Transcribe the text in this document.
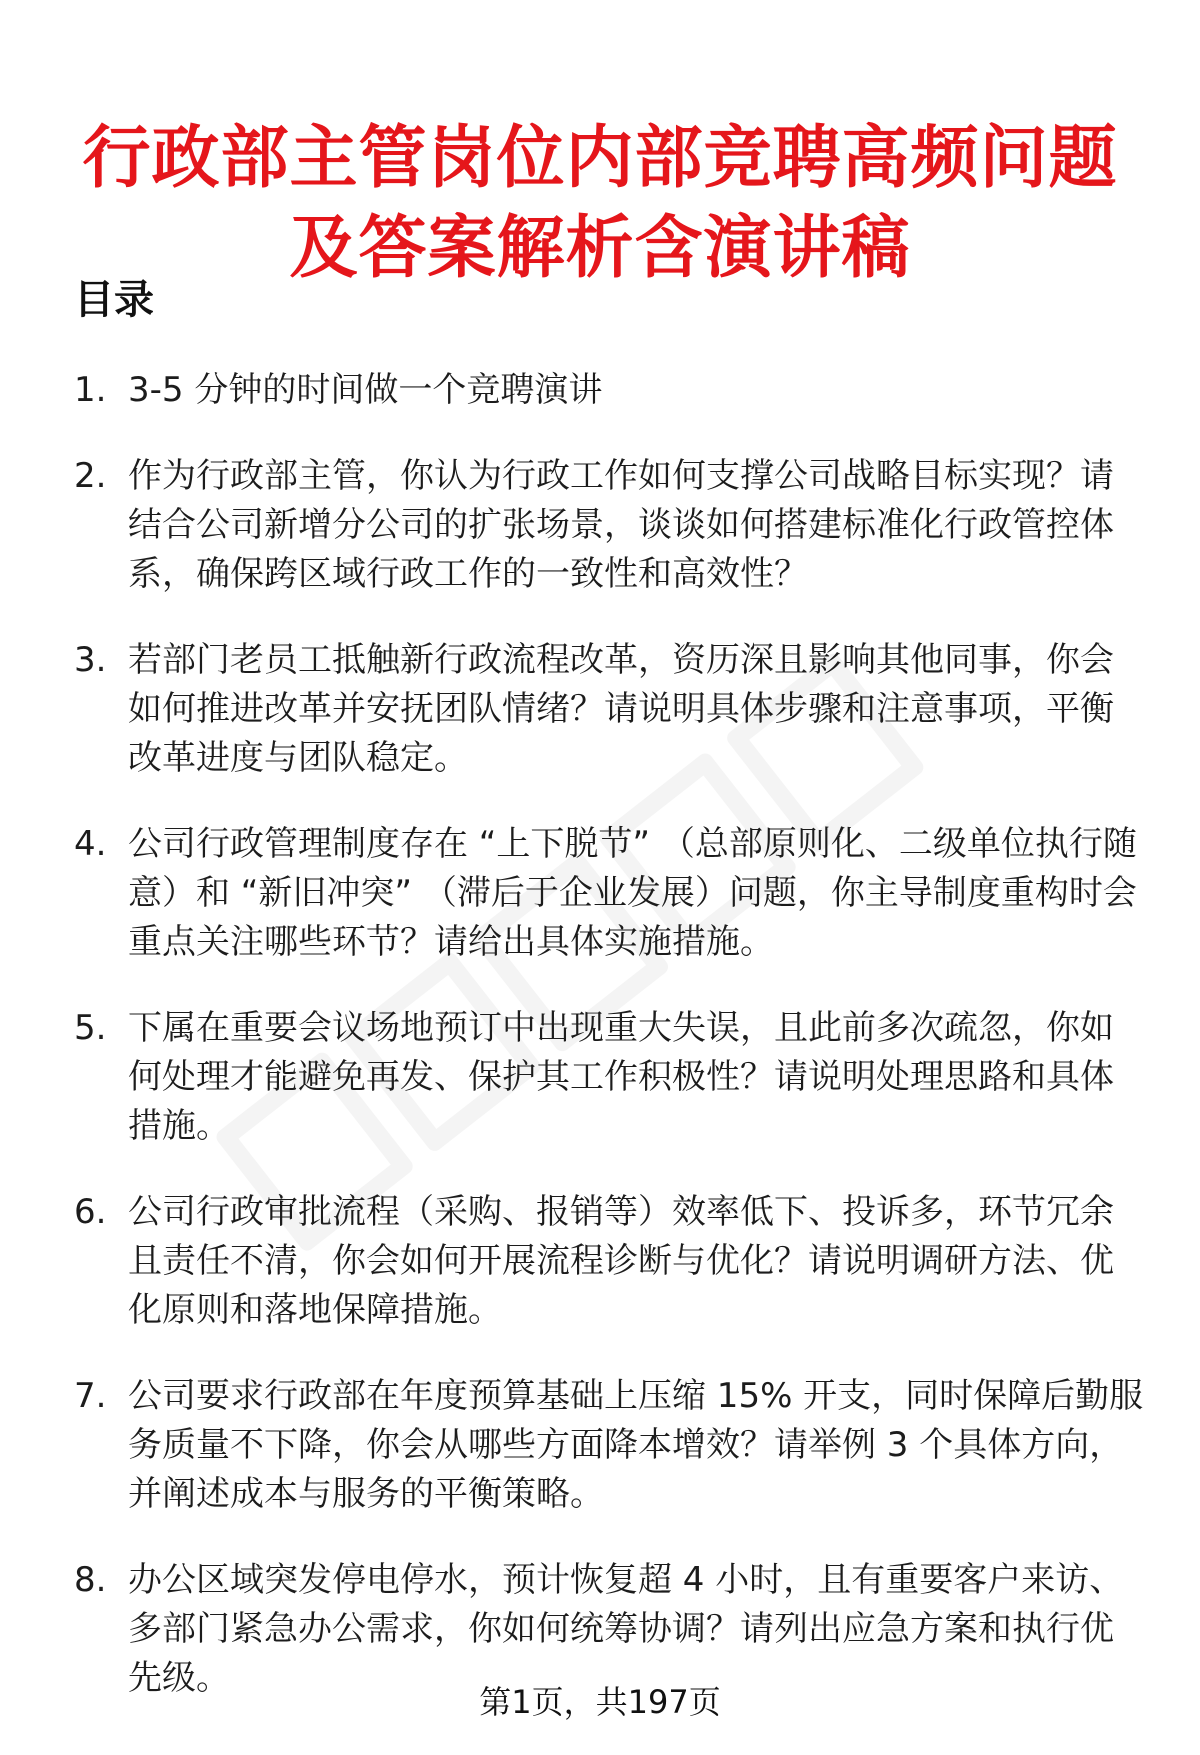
行政部主管岗位内部竞聘高频问题
及答案解析含演讲稿
目录
1. 3-5 分钟的时间做一个竞聘演讲
2. 作为行政部主管，你认为行政工作如何支撑公司战略目标实现？请结合公司新增分公司的扩张场景，谈谈如何搭建标准化行政管控体系，确保跨区域行政工作的一致性和高效性？
3. 若部门老员工抵触新行政流程改革，资历深且影响其他同事，你会如何推进改革并安抚团队情绪？请说明具体步骤和注意事项，平衡改革进度与团队稳定。
4. 公司行政管理制度存在 “上下脱节” （总部原则化、二级单位执行随意）和 “新旧冲突” （滞后于企业发展）问题，你主导制度重构时会重点关注哪些环节？请给出具体实施措施。
5. 下属在重要会议场地预订中出现重大失误，且此前多次疏忽，你如何处理才能避免再发、保护其工作积极性？请说明处理思路和具体措施。
6. 公司行政审批流程（采购、报销等）效率低下、投诉多，环节冗余且责任不清，你会如何开展流程诊断与优化？请说明调研方法、优化原则和落地保障措施。
7. 公司要求行政部在年度预算基础上压缩 15% 开支，同时保障后勤服务质量不下降，你会从哪些方面降本增效？请举例 3 个具体方向，并阐述成本与服务的平衡策略。
8. 办公区域突发停电停水，预计恢复超 4 小时，且有重要客户来访、多部门紧急办公需求，你如何统筹协调？请列出应急方案和执行优先级。
第1页，共197页
